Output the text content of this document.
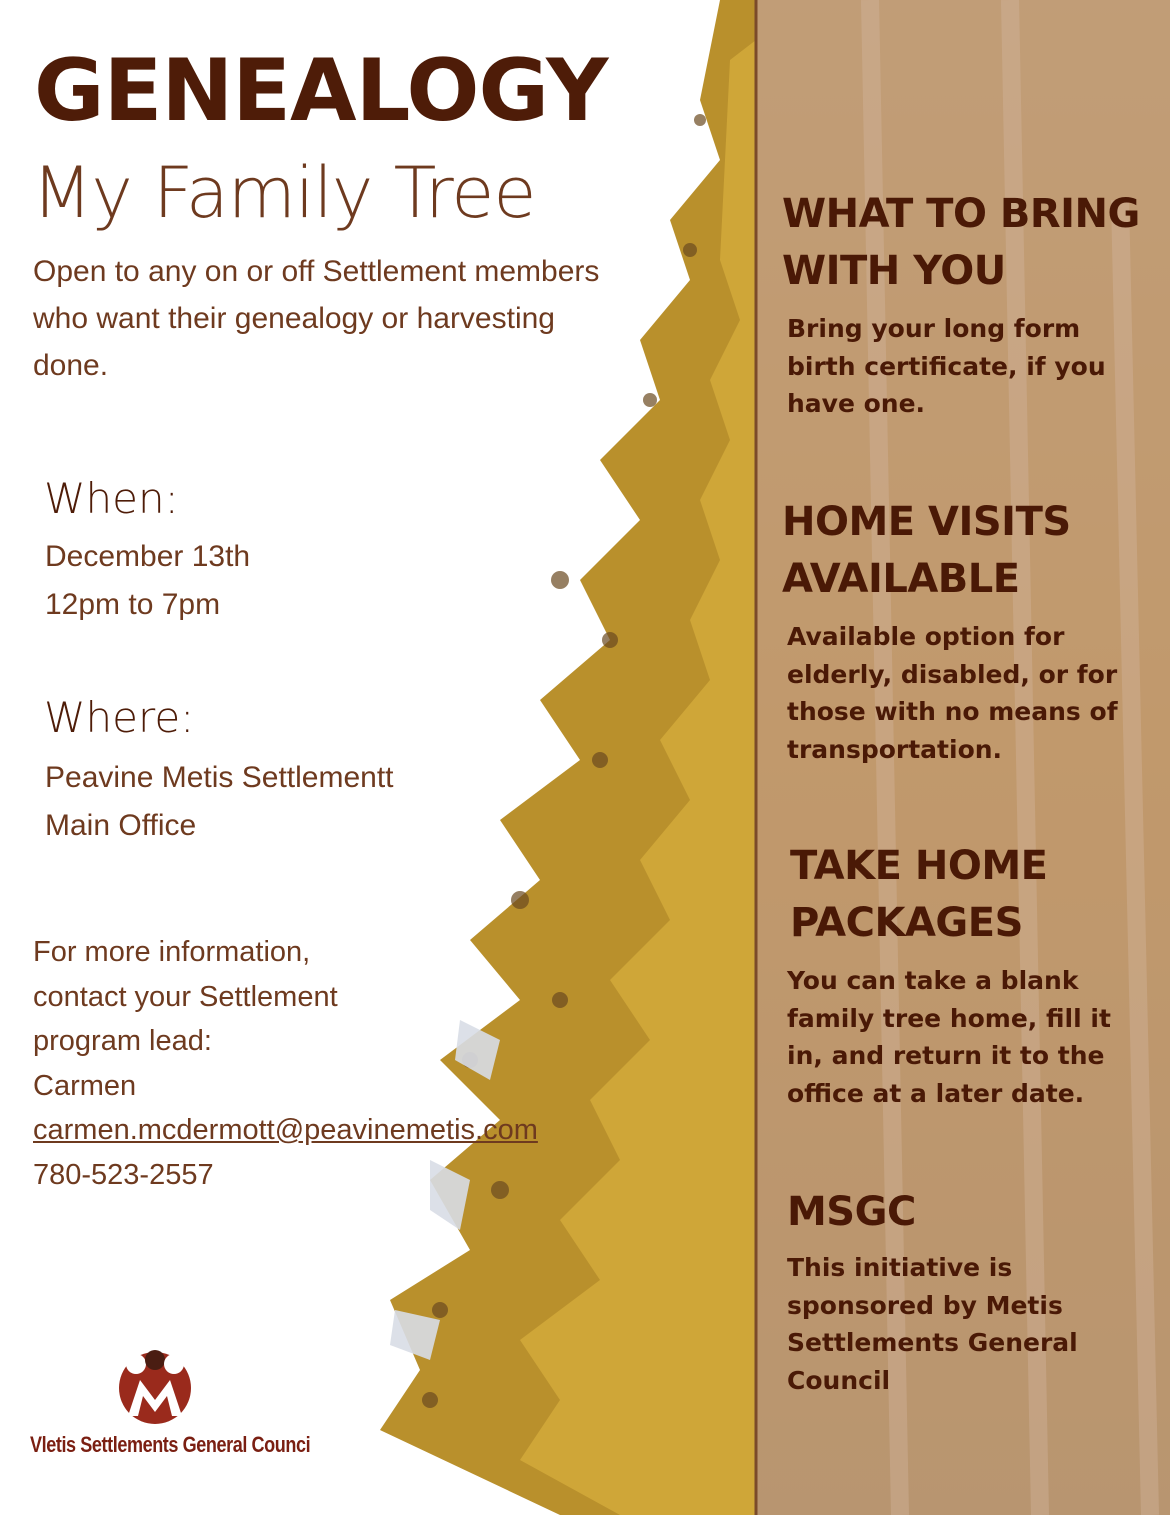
GENEALOGY
My Family Tree

Open to any on or off Settlement members
who want their genealogy or harvesting
done.

When:

December 13th
12pm to 7pm

Where:

Peavine Metis Settlementt
Main Office

For more information,
contact your Settlement
program lead:
Carmen
carmen.mcdermott@peavinemetis.com
780-523-2557

Vletis Settlements General Counci
WHAT TO BRING
WITH YOU
Bring your long form
birth certificate, if you
have one.
HOME VISITS
AVAILABLE
Available option for
elderly, disabled, or for
those with no means of
transportation.
TAKE HOME
PACKAGES
You can take a blank
family tree home, fill it
in, and return it to the
office at a later date.
MSGC
This initiative is
sponsored by Metis
Settlements General
Council
